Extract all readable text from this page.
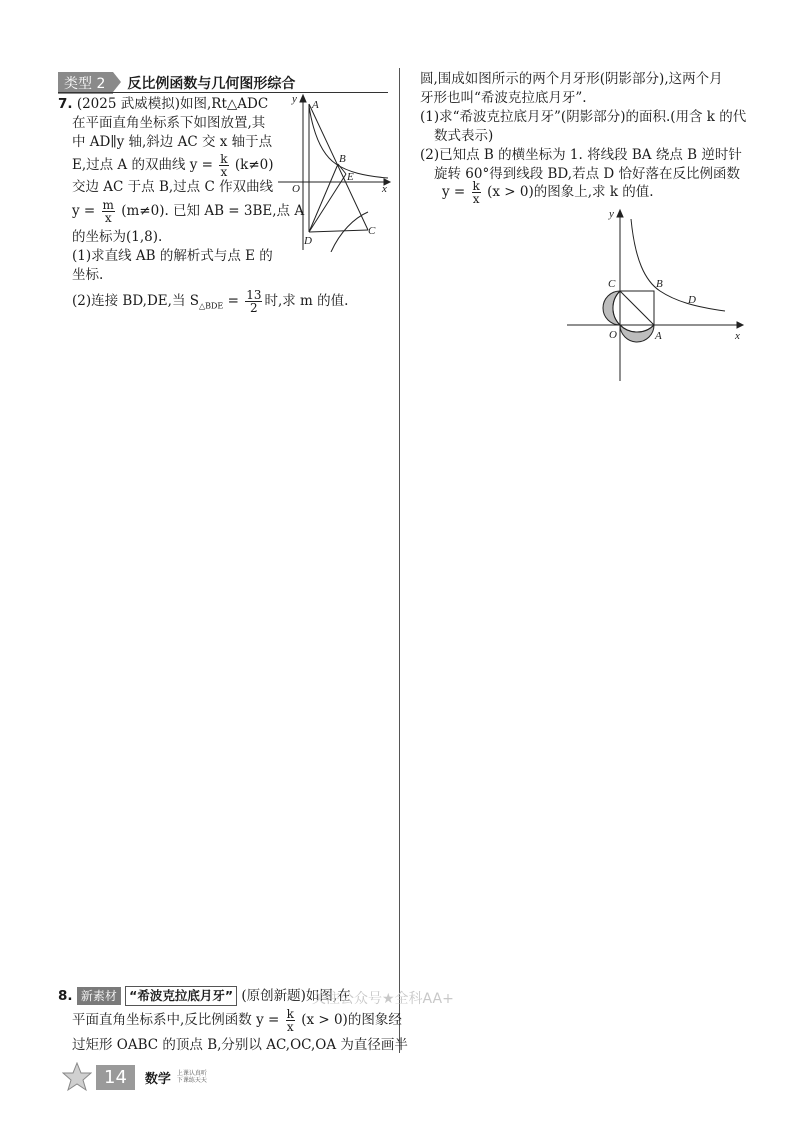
类型 2	反比例函数与几何图形综合
7. (2025 武威模拟)如图,Rt△ADC
在平面直角坐标系下如图放置,其
中 AD∥y 轴,斜边 AC 交 x 轴于点
E,过点 A 的双曲线 $y = \frac{k}{x} (k\ne 0)$
交边 AC 于点 B,过点 C 作双曲线
$y = \frac{m}{x} (m\ne 0)$. 已知 AB = 3BE,点 A
的坐标为(1,8).
(1)求直线 AB 的解析式与点 E 的
坐标.
(2)连接 BD,DE,当 $S_{\triangle BDE} = \frac{13}{2}$ 时,求 m 的值.
y
x
O
A
B
E
D
C
8. 新素材 “希波克拉底月牙” (原创新题)如图,在
平面直角坐标系中,反比例函数 $y = \frac{k}{x} (x > 0)$的图象经
过矩形 OABC 的顶点 B,分别以 AC,OC,OA 为直径画半
圆,围成如图所示的两个月牙形(阴影部分),这两个月
牙形也叫“希波克拉底月牙”.
(1)求“希波克拉底月牙”(阴影部分)的面积.(用含 k 的代
数式表示)
(2)已知点 B 的横坐标为 1. 将线段 BA 绕点 B 逆时针
旋转 60°得到线段 BD,若点 D 恰好落在反比例函数
$y = \frac{k}{x} (x > 0)$的图象上,求 k 的值.
y
x
O	A
B
C
D
关注公众号★全科AA+
14	数学 上课认真听
下课练天天
